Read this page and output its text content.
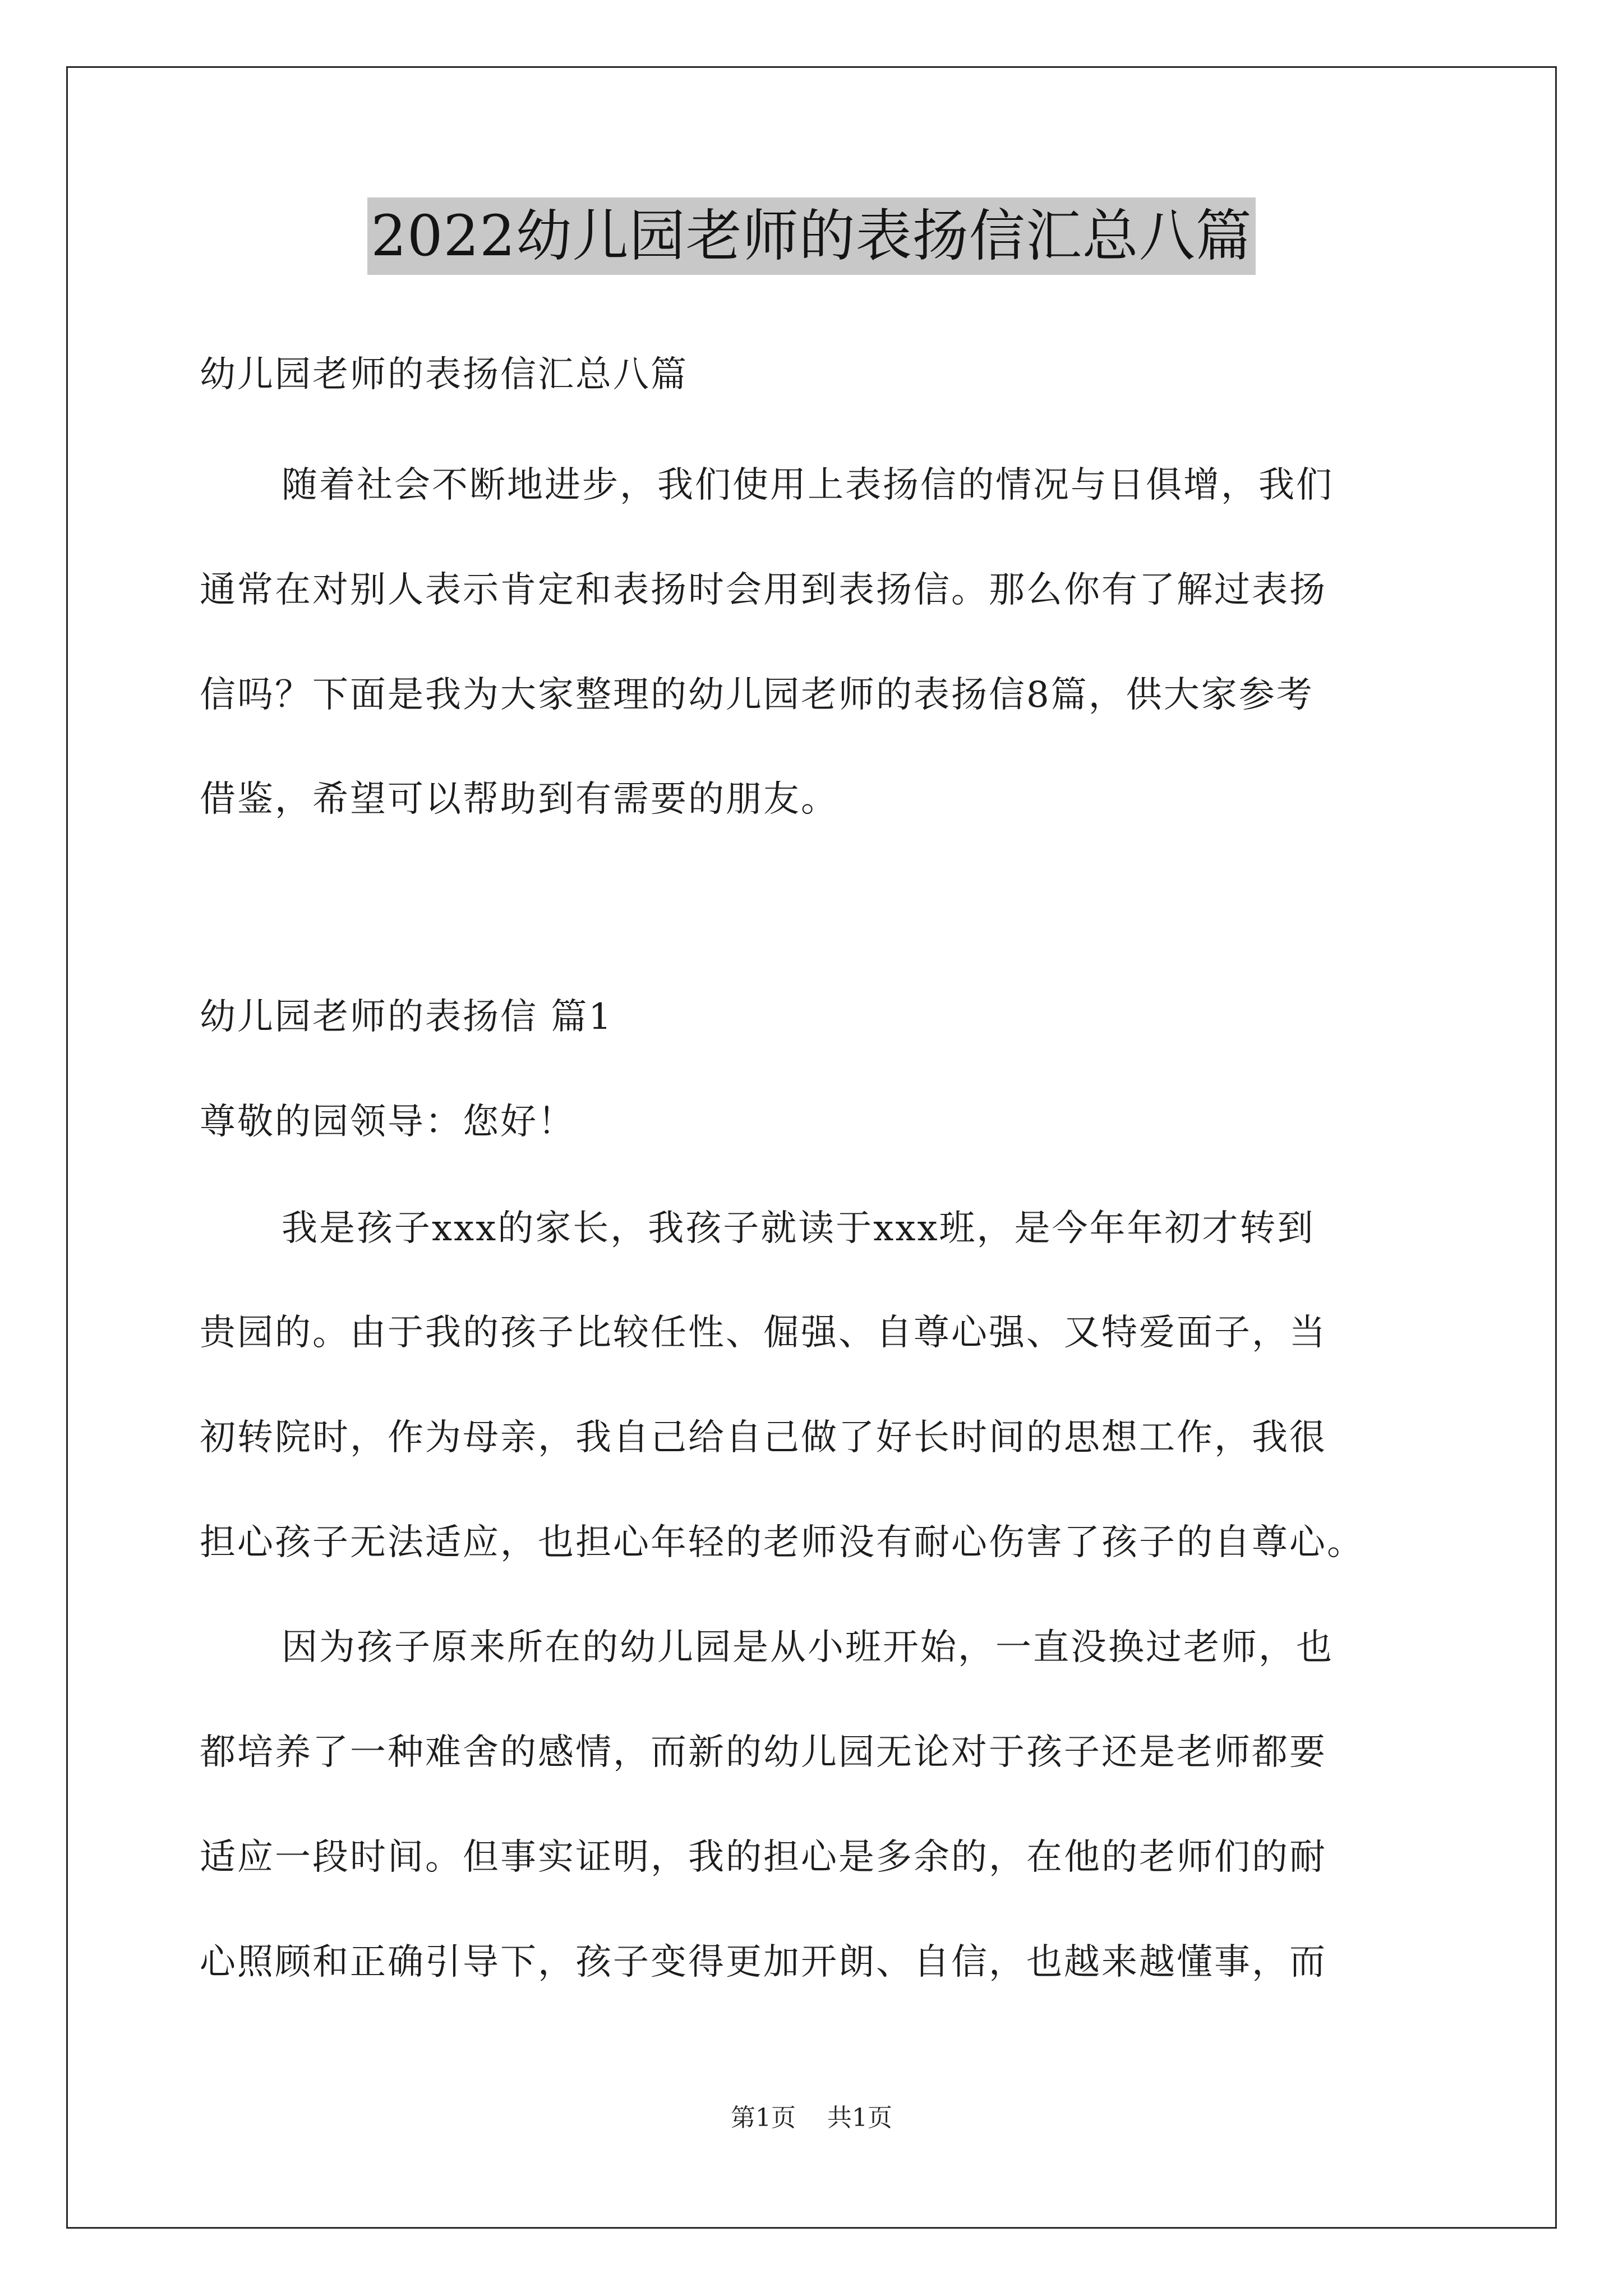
2022幼儿园老师的表扬信汇总八篇
幼儿园老师的表扬信汇总八篇
随着社会不断地进步，我们使用上表扬信的情况与日俱增，我们
通常在对别人表示肯定和表扬时会用到表扬信。那么你有了解过表扬
信吗？下面是我为大家整理的幼儿园老师的表扬信8篇，供大家参考
借鉴，希望可以帮助到有需要的朋友。
幼儿园老师的表扬信 篇1
尊敬的园领导：您好！
我是孩子xxx的家长，我孩子就读于xxx班，是今年年初才转到
贵园的。由于我的孩子比较任性、倔强、自尊心强、又特爱面子，当
初转院时，作为母亲，我自己给自己做了好长时间的思想工作，我很
担心孩子无法适应，也担心年轻的老师没有耐心伤害了孩子的自尊心。
因为孩子原来所在的幼儿园是从小班开始，一直没换过老师，也
都培养了一种难舍的感情，而新的幼儿园无论对于孩子还是老师都要
适应一段时间。但事实证明，我的担心是多余的，在他的老师们的耐
心照顾和正确引导下，孩子变得更加开朗、自信，也越来越懂事，而
第1页 共1页
